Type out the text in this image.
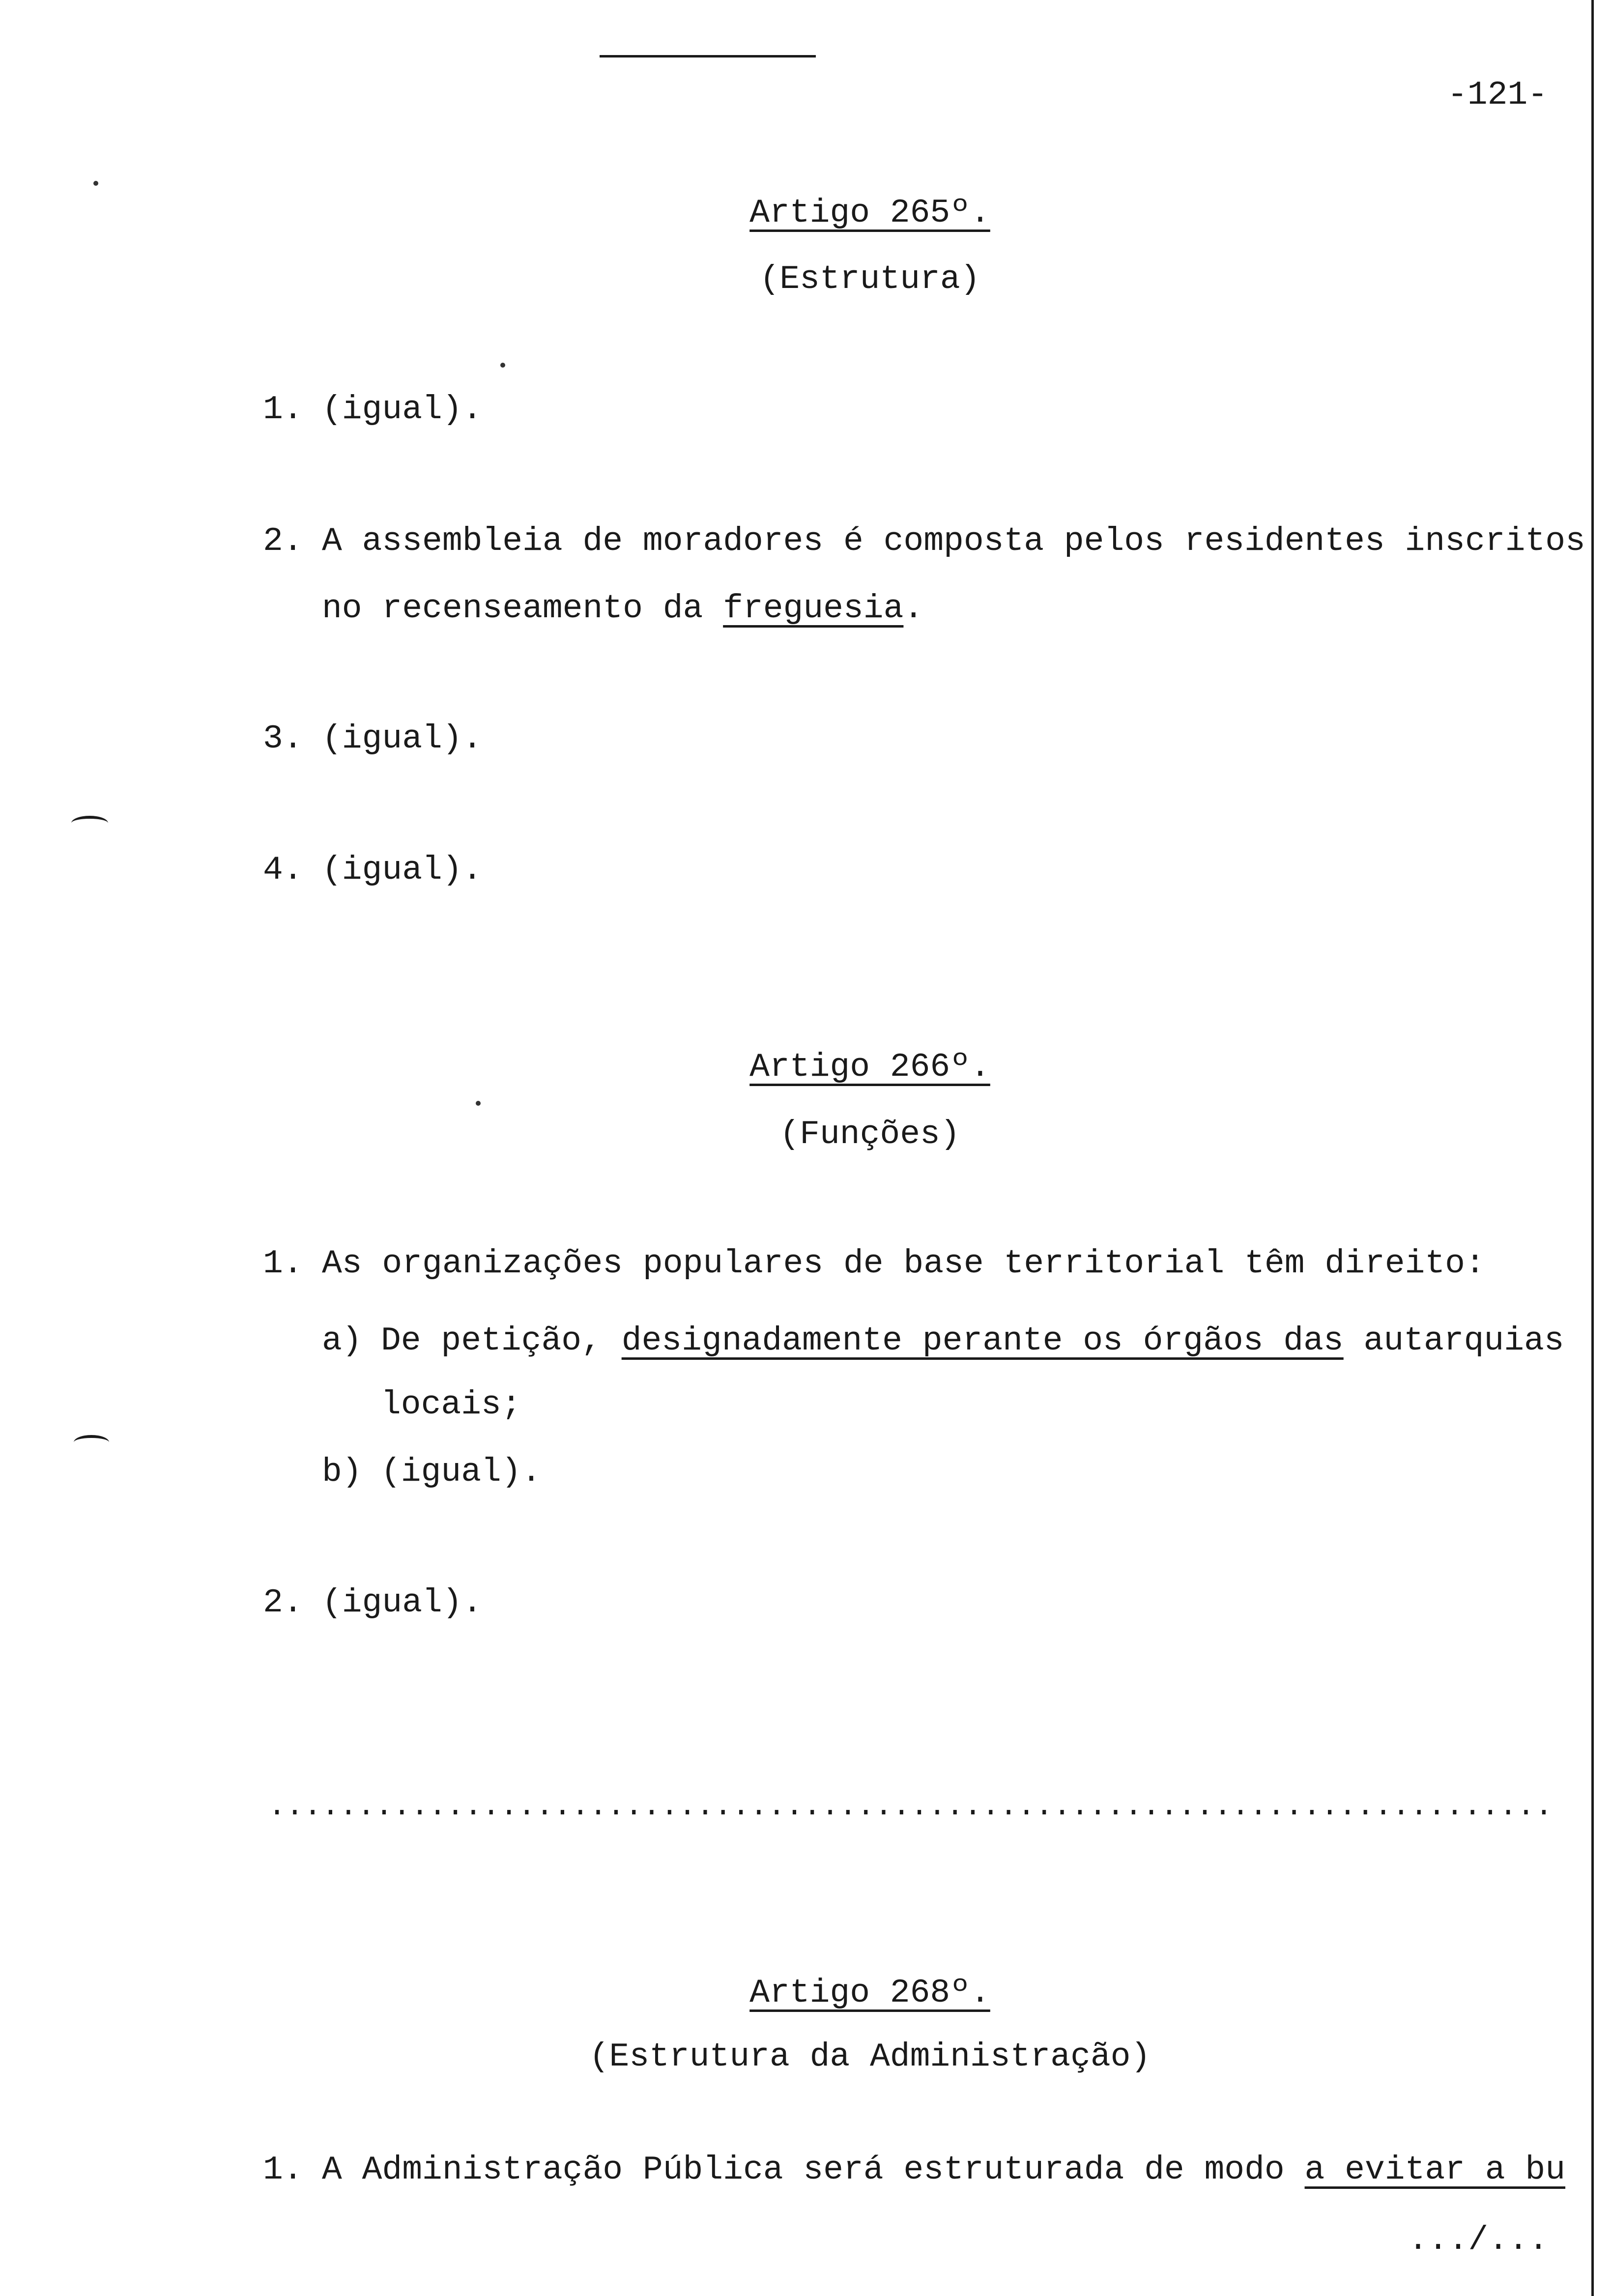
-121-
Artigo 265º.
(Estrutura)
1. (igual).
2. A assembleia de moradores é composta pelos residentes inscritos
no recenseamento da freguesia.
3. (igual).
4. (igual).
Artigo 266º.
(Funções)
1. As organizações populares de base territorial têm direito:
a) De petição, designadamente perante os órgãos das autarquias
locais;
b) (igual).
2. (igual).
........................................................................
Artigo 268º.
(Estrutura da Administração)
1. A Administração Pública será estruturada de modo a evitar a bu
.../...
